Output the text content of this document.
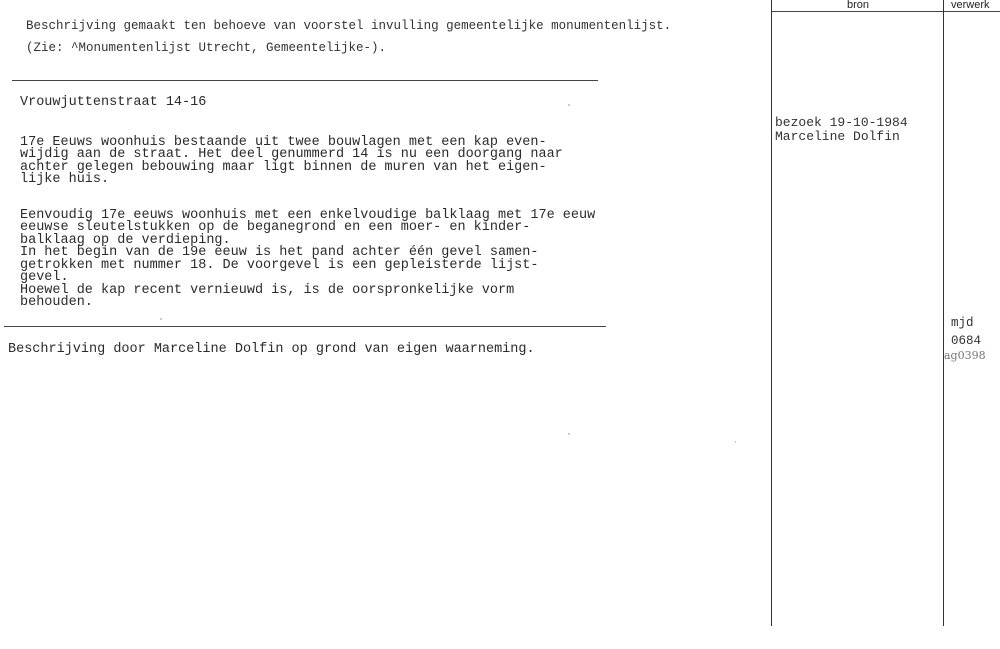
Beschrijving gemaakt ten behoeve van voorstel invulling gemeentelijke monumentenlijst.
(Zie: ^Monumentenlijst Utrecht, Gemeentelijke-).
bron	verwerk
Vrouwjuttenstraat 14-16

17e Eeuws woonhuis bestaande uit twee bouwlagen met een kap even-
wijdig aan de straat. Het deel genummerd 14 is nu een doorgang naar
achter gelegen bebouwing maar ligt binnen de muren van het eigen-
lijke huis.

Eenvoudig 17e eeuws woonhuis met een enkelvoudige balklaag met 17e eeuw
eeuwse sleutelstukken op de beganegrond en een moer- en kinder-
balklaag op de verdieping.
In het begin van de 19e eeuw is het pand achter één gevel samen-
getrokken met nummer 18. De voorgevel is een gepleisterde lijst-
gevel.
Hoewel de kap recent vernieuwd is, is de oorspronkelijke vorm
behouden.

Beschrijving door Marceline Dolfin op grond van eigen waarneming.
bezoek 19-10-1984
Marceline Dolfin
mjd
0684
ag0398
